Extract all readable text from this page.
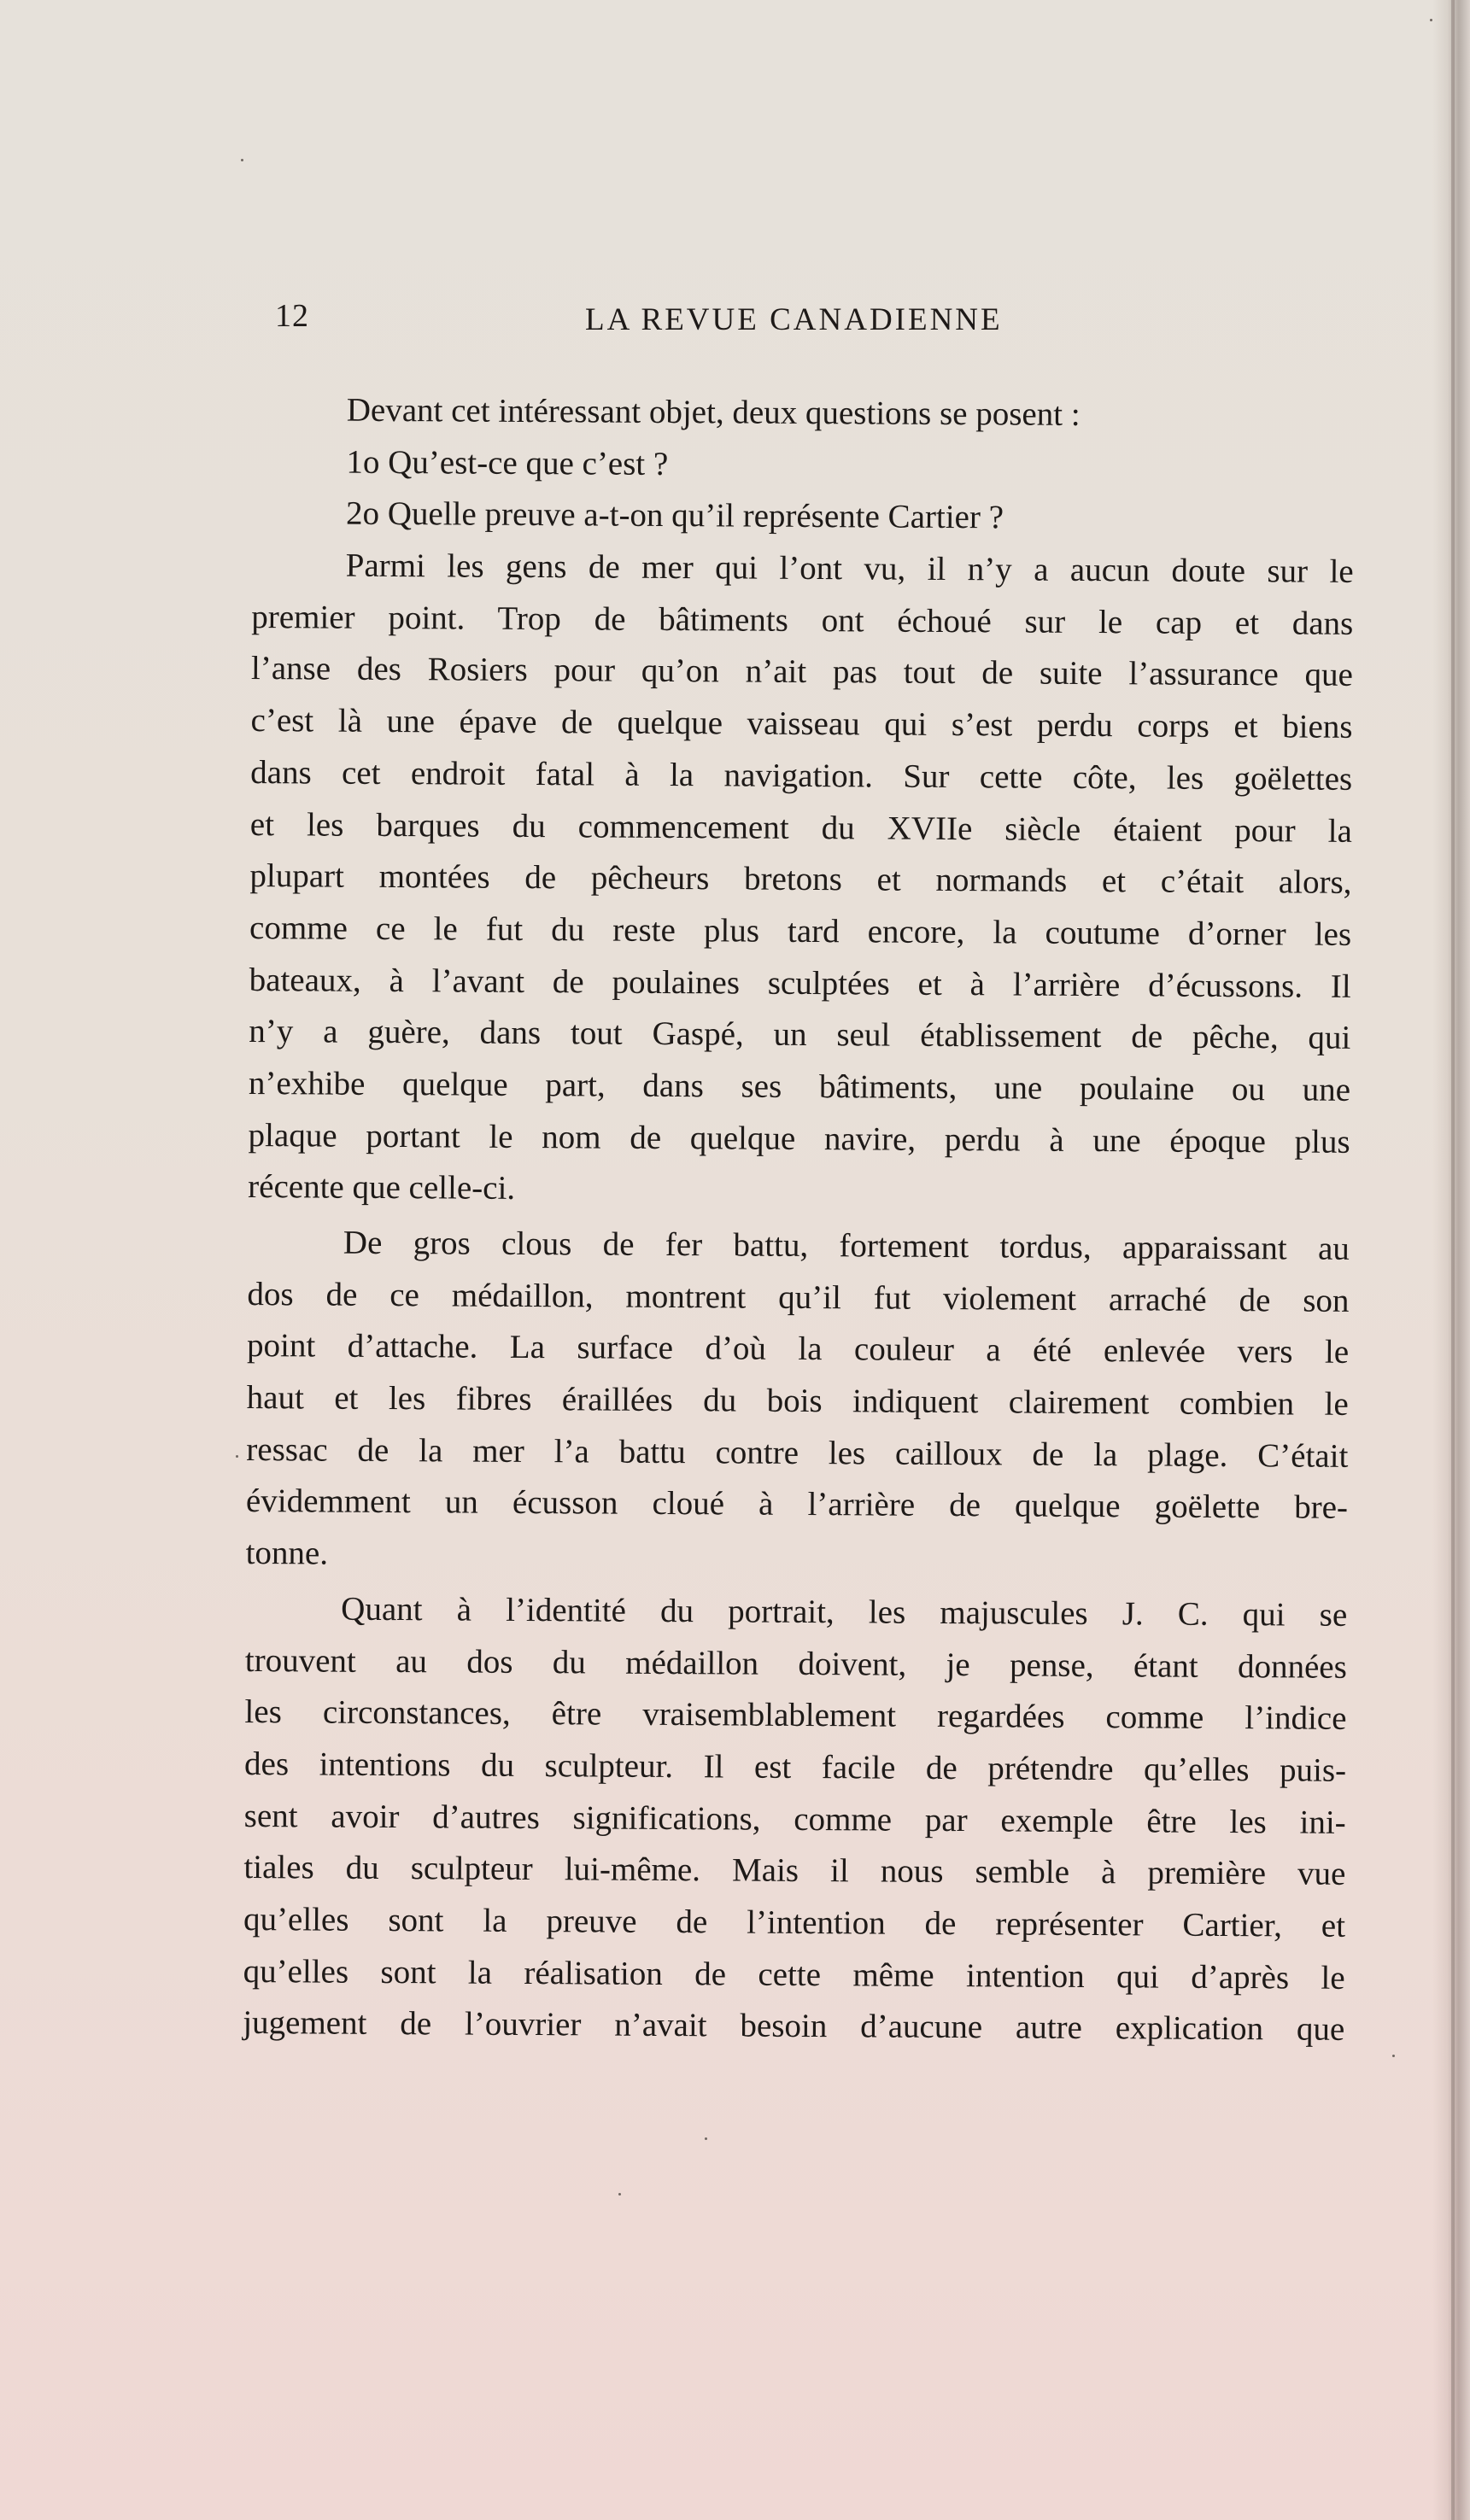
12	LA REVUE CANADIENNE
Devant cet intéressant objet, deux questions se posent :
1o Qu’est-ce que c’est ?
2o Quelle preuve a-t-on qu’il représente Cartier ?
Parmi les gens de mer qui l’ont vu, il n’y a aucun doute sur le
premier point. Trop de bâtiments ont échoué sur le cap et dans
l’anse des Rosiers pour qu’on n’ait pas tout de suite l’assurance que
c’est là une épave de quelque vaisseau qui s’est perdu corps et biens
dans cet endroit fatal à la navigation. Sur cette côte, les goëlettes
et les barques du commencement du XVIIe siècle étaient pour la
plupart montées de pêcheurs bretons et normands et c’était alors,
comme ce le fut du reste plus tard encore, la coutume d’orner les
bateaux, à l’avant de poulaines sculptées et à l’arrière d’écussons. Il
n’y a guère, dans tout Gaspé, un seul établissement de pêche, qui
n’exhibe quelque part, dans ses bâtiments, une poulaine ou une
plaque portant le nom de quelque navire, perdu à une époque plus
récente que celle-ci.
De gros clous de fer battu, fortement tordus, apparaissant au
dos de ce médaillon, montrent qu’il fut violement arraché de son
point d’attache. La surface d’où la couleur a été enlevée vers le
haut et les fibres éraillées du bois indiquent clairement combien le
ressac de la mer l’a battu contre les cailloux de la plage. C’était
évidemment un écusson cloué à l’arrière de quelque goëlette bre-
tonne.
Quant à l’identité du portrait, les majuscules J. C. qui se
trouvent au dos du médaillon doivent, je pense, étant données
les circonstances, être vraisemblablement regardées comme l’indice
des intentions du sculpteur. Il est facile de prétendre qu’elles puis-
sent avoir d’autres significations, comme par exemple être les ini-
tiales du sculpteur lui-même. Mais il nous semble à première vue
qu’elles sont la preuve de l’intention de représenter Cartier, et
qu’elles sont la réalisation de cette même intention qui d’après le
jugement de l’ouvrier n’avait besoin d’aucune autre explication que
